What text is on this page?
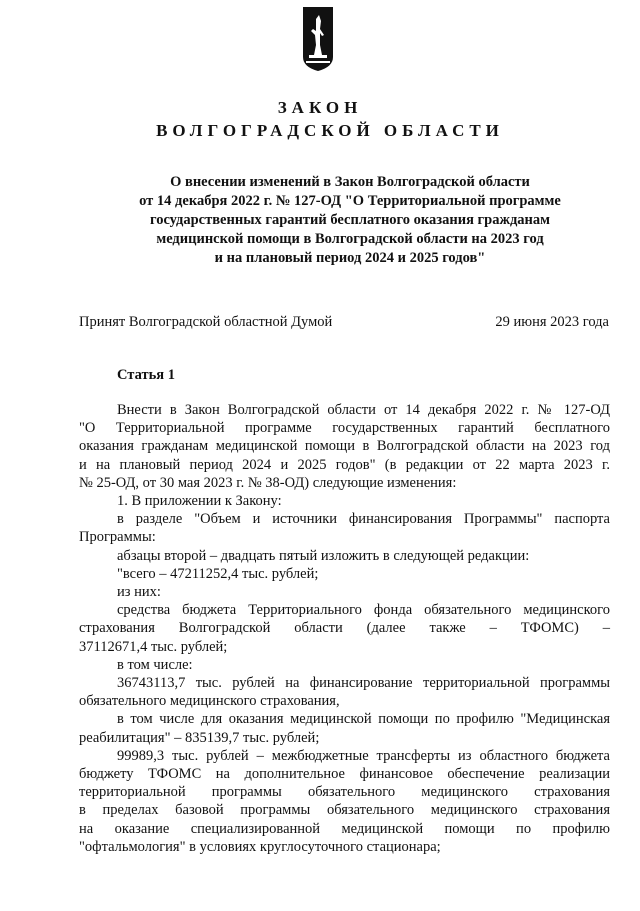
ЗАКОН
ВОЛГОГРАДСКОЙ ОБЛАСТИ
О внесении изменений в Закон Волгоградской области
от 14 декабря 2022 г. № 127-ОД "О Территориальной программе
государственных гарантий бесплатного оказания гражданам
медицинской помощи в Волгоградской области на 2023 год
и на плановый период 2024 и 2025 годов"
Принят Волгоградской областной Думой	29 июня 2023 года
Статья 1
Внести в Закон Волгоградской области от 14 декабря 2022 г. № 127-ОД
"О Территориальной программе государственных гарантий бесплатного
оказания гражданам медицинской помощи в Волгоградской области на 2023 год
и на плановый период 2024 и 2025 годов" (в редакции от 22 марта 2023 г.
№ 25-ОД, от 30 мая 2023 г. № 38-ОД) следующие изменения:
1. В приложении к Закону:
в разделе "Объем и источники финансирования Программы" паспорта
Программы:
абзацы второй – двадцать пятый изложить в следующей редакции:
"всего – 47211252,4 тыс. рублей;
из них:
средства бюджета Территориального фонда обязательного медицинского
страхования Волгоградской области (далее также – ТФОМС) –
37112671,4 тыс. рублей;
в том числе:
36743113,7 тыс. рублей на финансирование территориальной программы
обязательного медицинского страхования,
в том числе для оказания медицинской помощи по профилю "Медицинская
реабилитация" – 835139,7 тыс. рублей;
99989,3 тыс. рублей – межбюджетные трансферты из областного бюджета
бюджету ТФОМС на дополнительное финансовое обеспечение реализации
территориальной программы обязательного медицинского страхования
в пределах базовой программы обязательного медицинского страхования
на оказание специализированной медицинской помощи по профилю
"офтальмология" в условиях круглосуточного стационара;
